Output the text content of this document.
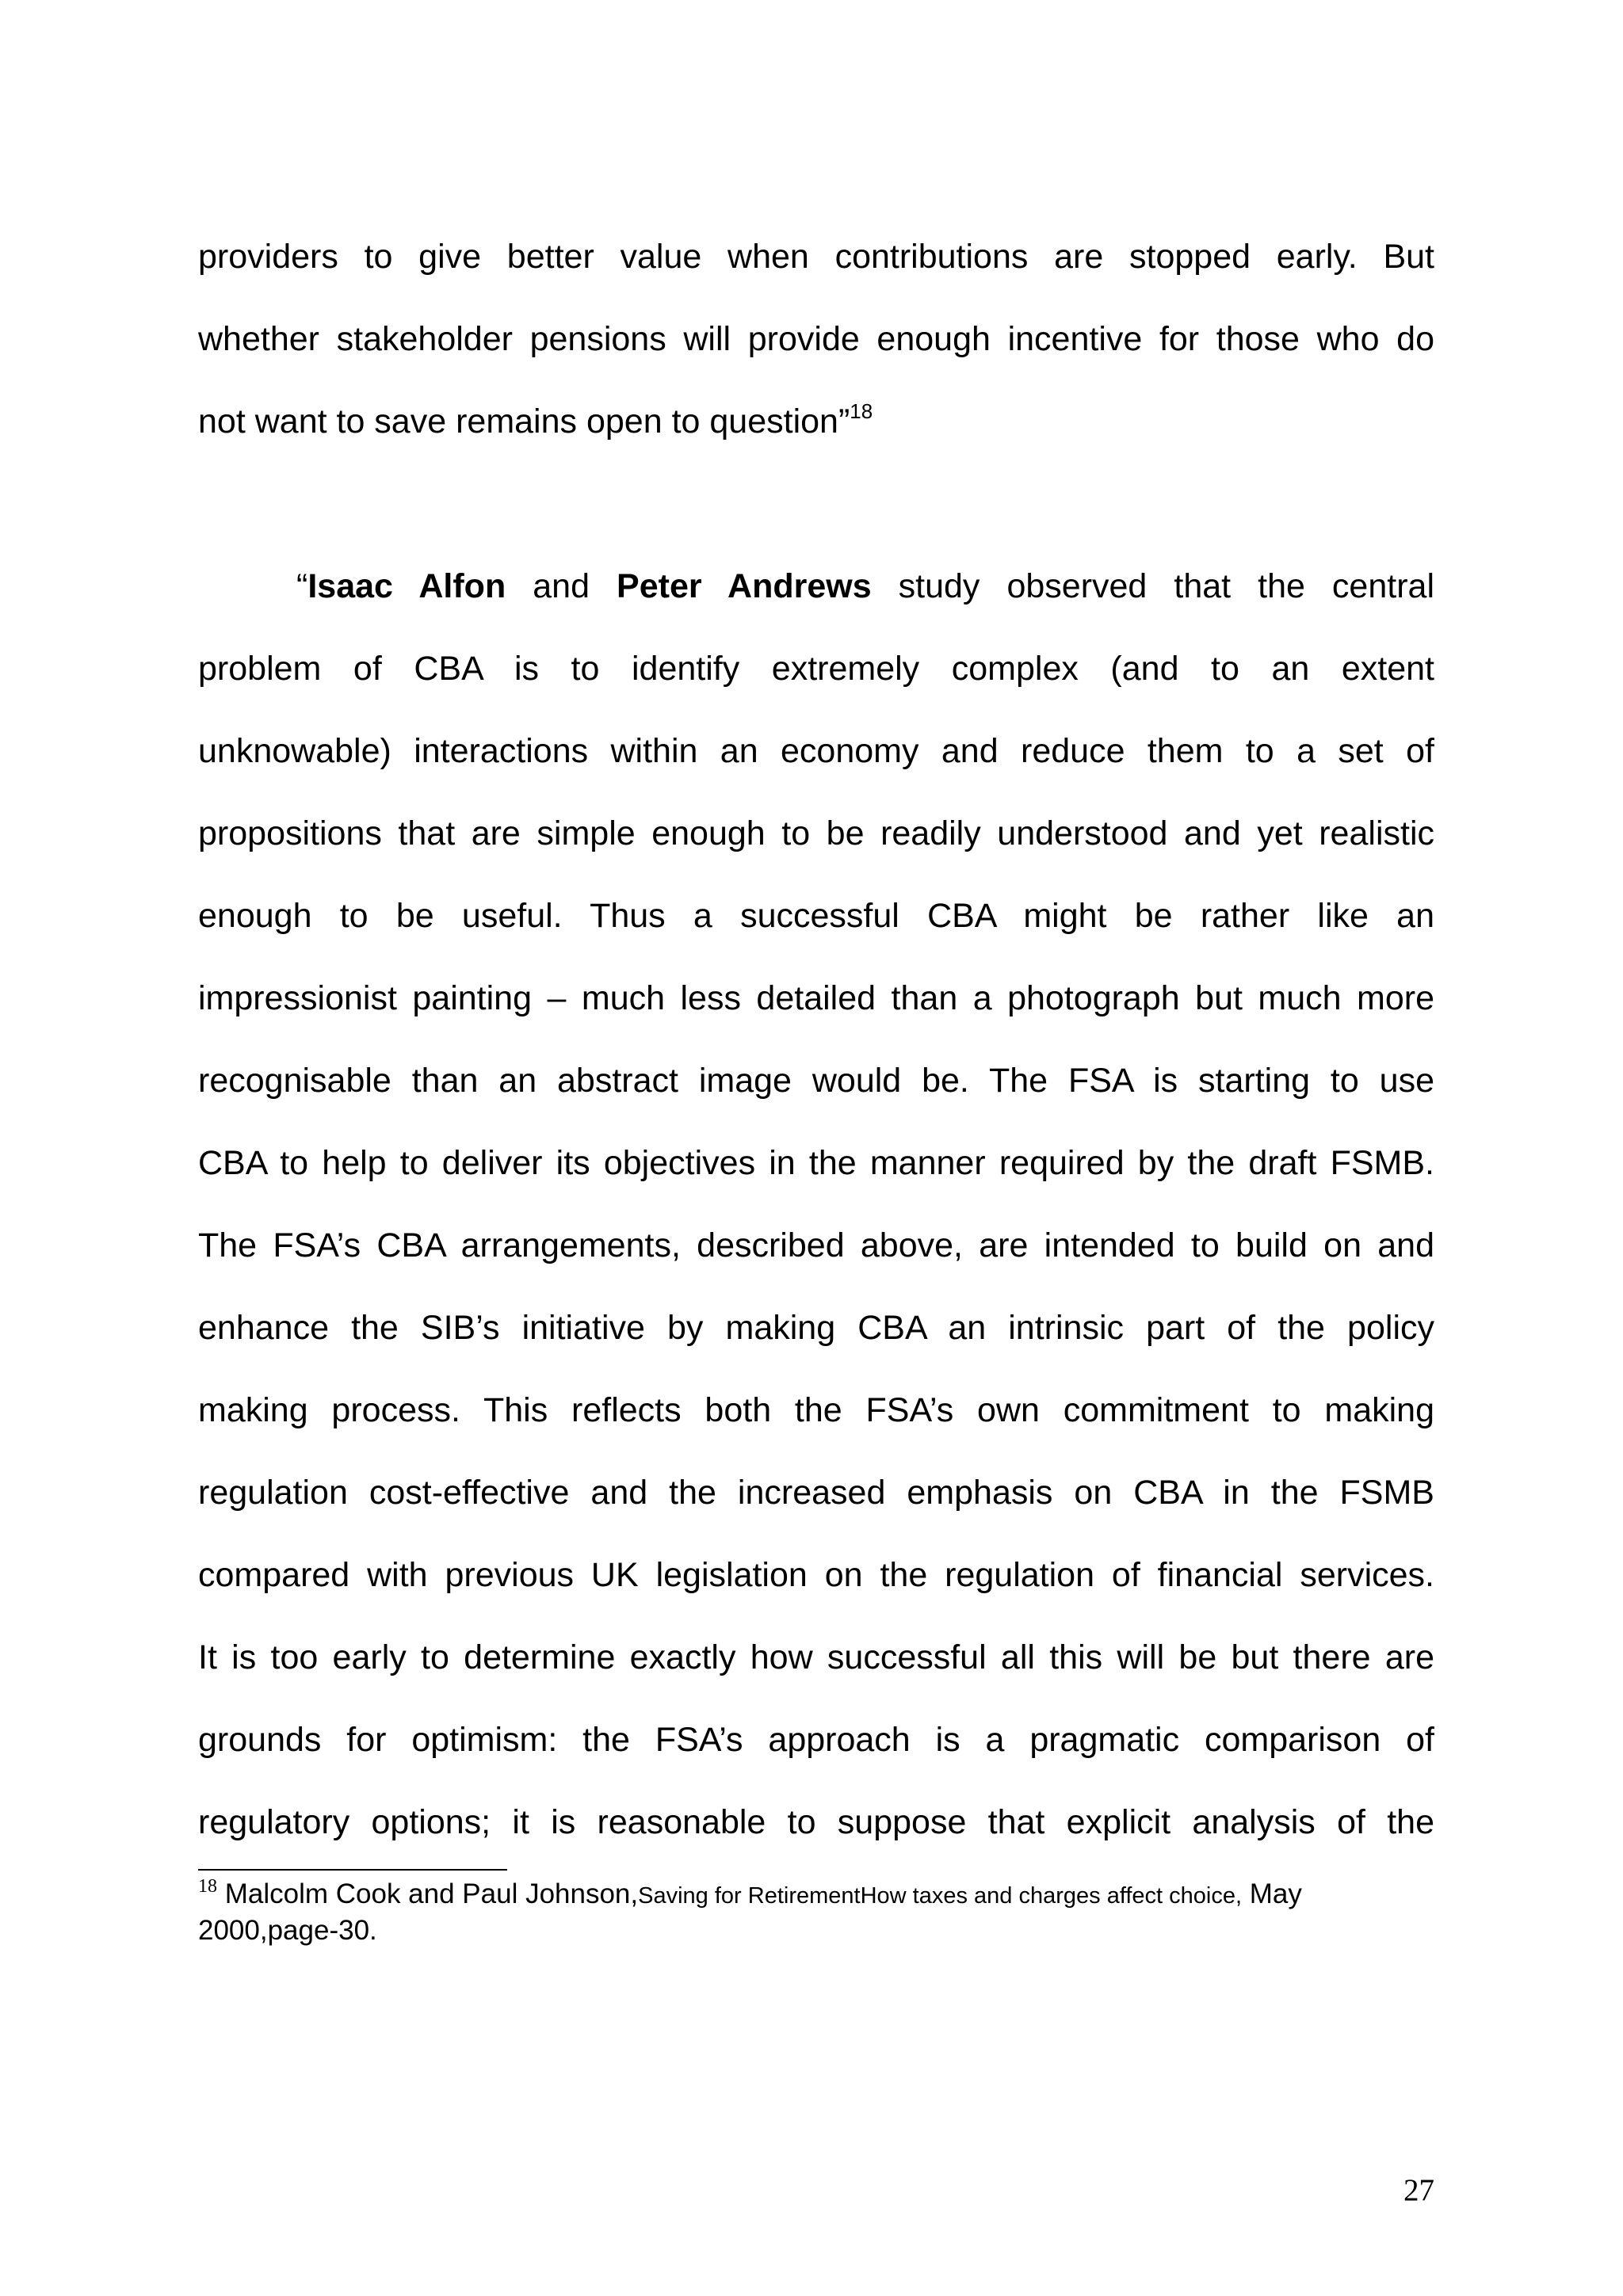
providers to give better value when contributions are stopped early. But

whether stakeholder pensions will provide enough incentive for those who do

not want to save remains open to question”$^{18}$

“Isaac Alfon and Peter Andrews study observed that the central

problem of CBA is to identify extremely complex (and to an extent

unknowable) interactions within an economy and reduce them to a set of

propositions that are simple enough to be readily understood and yet realistic

enough to be useful. Thus a successful CBA might be rather like an

impressionist painting – much less detailed than a photograph but much more

recognisable than an abstract image would be. The FSA is starting to use

CBA to help to deliver its objectives in the manner required by the draft FSMB.

The FSA’s CBA arrangements, described above, are intended to build on and

enhance the SIB’s initiative by making CBA an intrinsic part of the policy

making process. This reflects both the FSA’s own commitment to making

regulation cost-effective and the increased emphasis on CBA in the FSMB

compared with previous UK legislation on the regulation of financial services.

It is too early to determine exactly how successful all this will be but there are

grounds for optimism: the FSA’s approach is a pragmatic comparison of

regulatory options; it is reasonable to suppose that explicit analysis of the

$^{18}$ Malcolm Cook and Paul Johnson,Saving for RetirementHow taxes and charges affect choice, May
2000,page-30.

27
